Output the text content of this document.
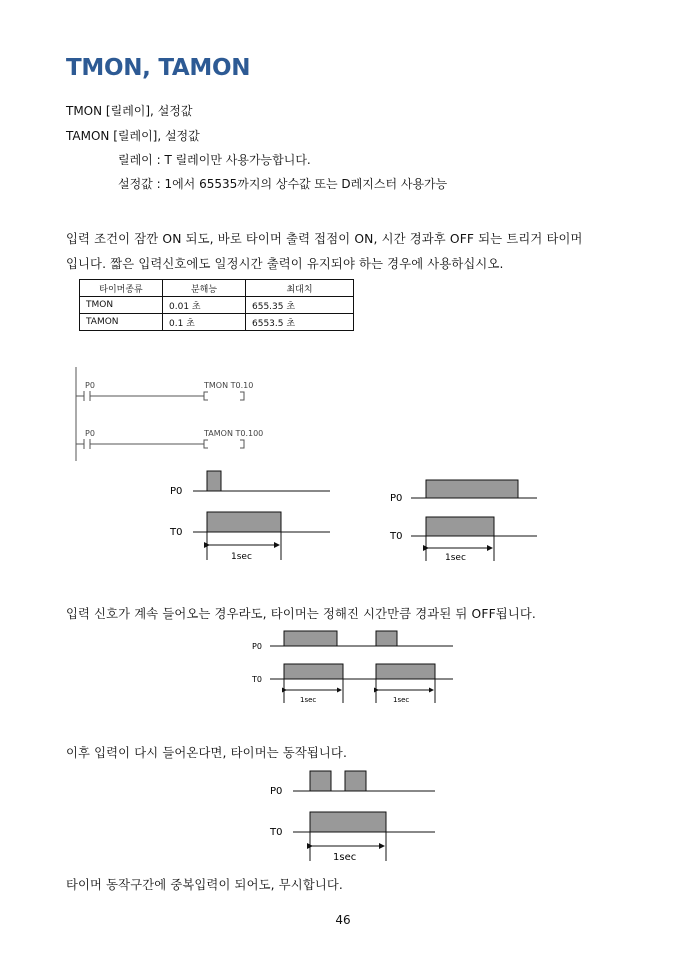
TMON, TAMON
TMON [릴레이], 설정값
TAMON [릴레이], 설정값
릴레이 : T 릴레이만 사용가능합니다.
설정값 : 1에서 65535까지의 상수값 또는 D레지스터 사용가능
입력 조건이 잠깐 ON 되도, 바로 타이머 출력 접점이 ON, 시간 경과후 OFF 되는 트리거 타이머
입니다. 짧은 입력신호에도 일정시간 출력이 유지되야 하는 경우에 사용하십시오.
타이머종류	분해능	최대치
TMON	0.01 초	655.35 초
TAMON	0.1 초	6553.5 초
P0	TMON T0.10
P0	TAMON T0.100
P0
T0
1sec
P0
T0
1sec
입력 신호가 계속 들어오는 경우라도, 타이머는 정해진 시간만큼 경과된 뒤 OFF됩니다.
P0
T0
1sec	1sec
이후 입력이 다시 들어온다면, 타이머는 동작됩니다.
P0
T0
1sec
타이머 동작구간에 중복입력이 되어도, 무시합니다.
46
